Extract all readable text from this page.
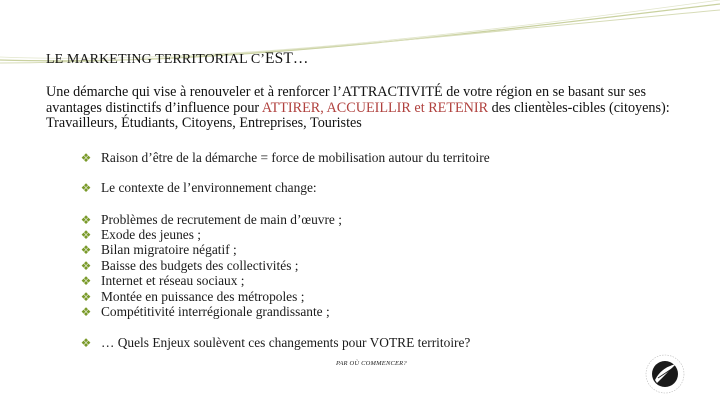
LE MARKETING TERRITORIAL C’EST…
Une démarche qui vise à renouveler et à renforcer l’ATTRACTIVITÉ de votre région en se basant sur ses avantages distinctifs d’influence pour ATTIRER, ACCUEILLIR et RETENIR des clientèles-cibles (citoyens): Travailleurs, Étudiants, Citoyens, Entreprises, Touristes
❖ Raison d’être de la démarche = force de mobilisation autour du territoire
❖ Le contexte de l’environnement change:
❖ Problèmes de recrutement de main d’œuvre ;
❖ Exode des jeunes ;
❖ Bilan migratoire négatif ;
❖ Baisse des budgets des collectivités ;
❖ Internet et réseau sociaux ;
❖ Montée en puissance des métropoles ;
❖ Compétitivité interrégionale grandissante ;
❖ … Quels Enjeux soulèvent ces changements pour VOTRE territoire?
PAR OÙ COMMENCER?
